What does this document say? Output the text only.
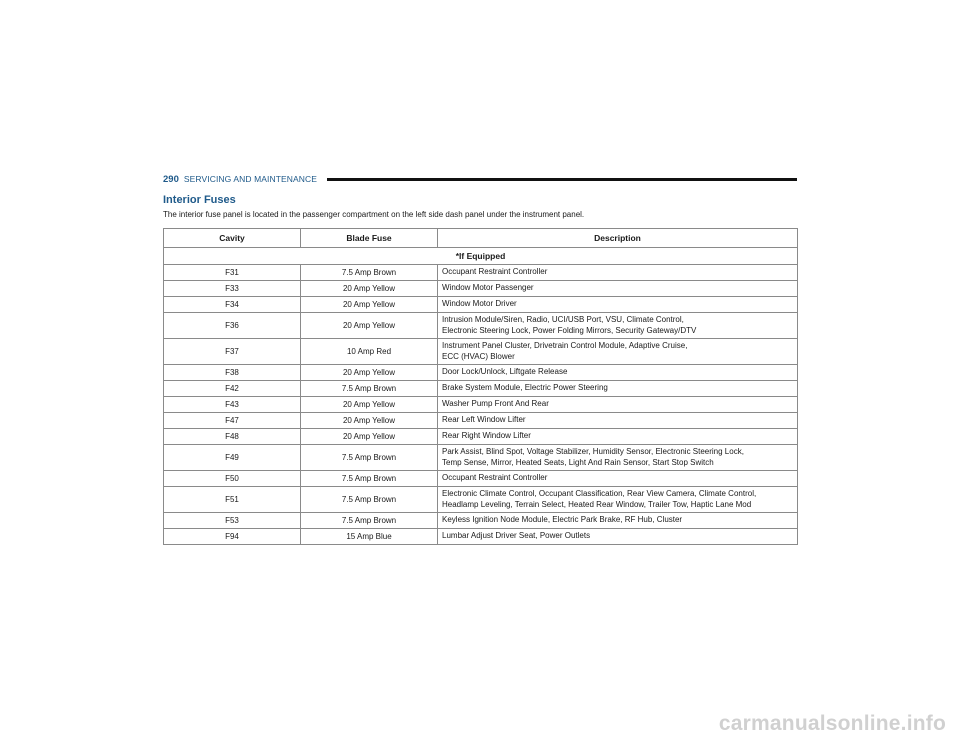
290 SERVICING AND MAINTENANCE
Interior Fuses
The interior fuse panel is located in the passenger compartment on the left side dash panel under the instrument panel.
Cavity	Blade Fuse	Description
*If Equipped		
F31	7.5 Amp Brown	Occupant Restraint Controller

F33	20 Amp Yellow	Window Motor Passenger

F34	20 Amp Yellow	Window Motor Driver

F36	20 Amp Yellow	Intrusion Module/Siren, Radio, UCI/USB Port, VSU, Climate Control,
Electronic Steering Lock, Power Folding Mirrors, Security Gateway/DTV

F37	10 Amp Red	Instrument Panel Cluster, Drivetrain Control Module, Adaptive Cruise,
ECC (HVAC) Blower

F38	20 Amp Yellow	Door Lock/Unlock, Liftgate Release

F42	7.5 Amp Brown	Brake System Module, Electric Power Steering

F43	20 Amp Yellow	Washer Pump Front And Rear

F47	20 Amp Yellow	Rear Left Window Lifter

F48	20 Amp Yellow	Rear Right Window Lifter

F49	7.5 Amp Brown	Park Assist, Blind Spot, Voltage Stabilizer, Humidity Sensor, Electronic Steering Lock,
Temp Sense, Mirror, Heated Seats, Light And Rain Sensor, Start Stop Switch

F50	7.5 Amp Brown	Occupant Restraint Controller

F51	7.5 Amp Brown	Electronic Climate Control, Occupant Classification, Rear View Camera, Climate Control,
Headlamp Leveling, Terrain Select, Heated Rear Window, Trailer Tow, Haptic Lane Mod

F53	7.5 Amp Brown	Keyless Ignition Node Module, Electric Park Brake, RF Hub, Cluster

F94	15 Amp Blue	Lumbar Adjust Driver Seat, Power Outlets
carmanualsonline.info
